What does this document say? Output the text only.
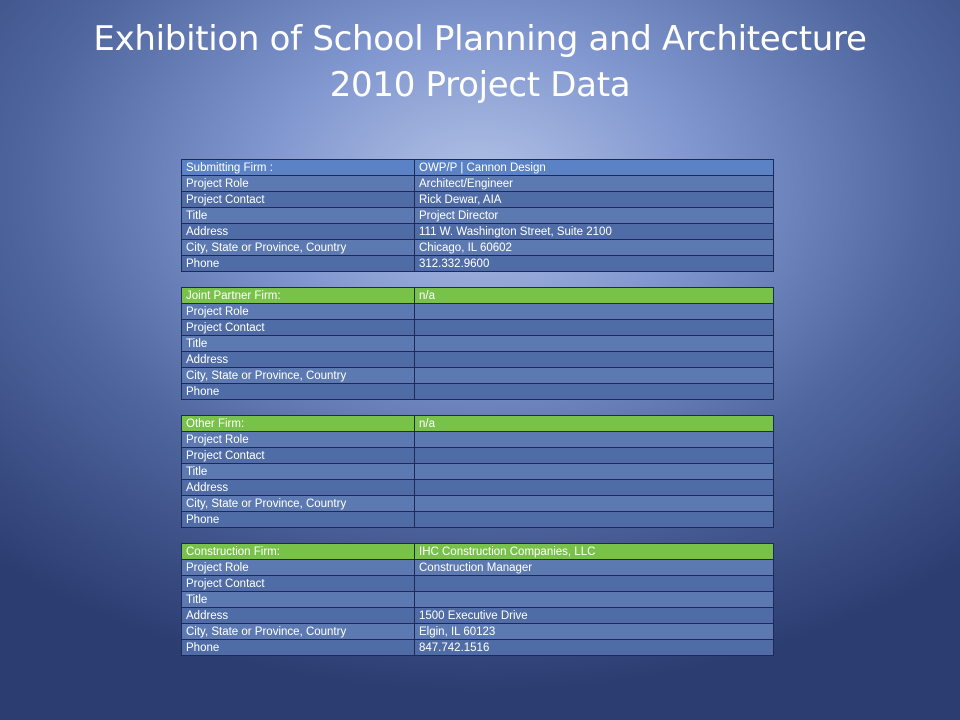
Exhibition of School Planning and Architecture
2010 Project Data
Submitting Firm :	OWP/P | Cannon Design
Project Role	Architect/Engineer
Project Contact	Rick Dewar, AIA
Title	Project Director
Address	111 W. Washington Street, Suite 2100
City, State or Province, Country	Chicago, IL 60602
Phone	312.332.9600
Joint Partner Firm:	n/a
Project Role	
Project Contact	
Title	
Address	
City, State or Province, Country	
Phone	
Other Firm:	n/a
Project Role	
Project Contact	
Title	
Address	
City, State or Province, Country	
Phone	
Construction Firm:	IHC Construction Companies, LLC
Project Role	Construction Manager
Project Contact	
Title	
Address	1500 Executive Drive
City, State or Province, Country	Elgin, IL 60123
Phone	847.742.1516
